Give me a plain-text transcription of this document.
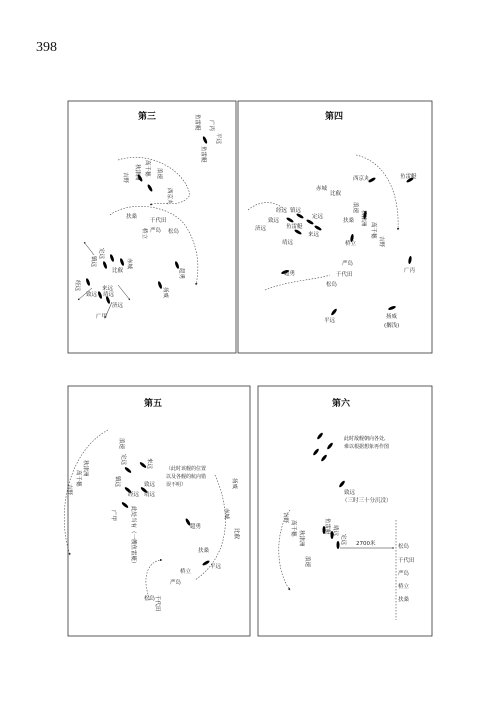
398
第三	鱼雷艇	广丙
平远
鱼雷艇
高千穗	浪速
吉野	秋津洲
西京丸
扶桑
桥立
千代田
严岛 松岛
赤城
比叡	超勇
扬威
定远
镇远
来远
经远
致远 靖远
济远
广甲
第四
西京丸	鱼雷艇
赤城
比叡
经远
致远
镇远
定远
济远	鱼雷艇
来远
靖远
超勇
浪速
秋津洲
高千穗
吉野
扶桑
桥立
严岛
千代田
松岛
广丙
平远
扬威
(搁浅)
第五
浪速
秋津洲
高千穗
吉野
定远	来远
镇远
经远
致远
靖远
广甲	此处当有（一艘鱼雷艇）	超勇
扬威
赤城
比叡
扶桑
平远
桥立
严岛
千代田
松岛
（此时该舰的位置
以及各舰的航向错
误不明）
第六
致远
（三时三十分沉没）
鱼雷艇 靖远
定远
吉野
高千穗
秋津洲
浪速
2700米	松岛
千代田
严岛
桥立
扶桑
此时敌舰朝向各处,
难以根据想象再作图
